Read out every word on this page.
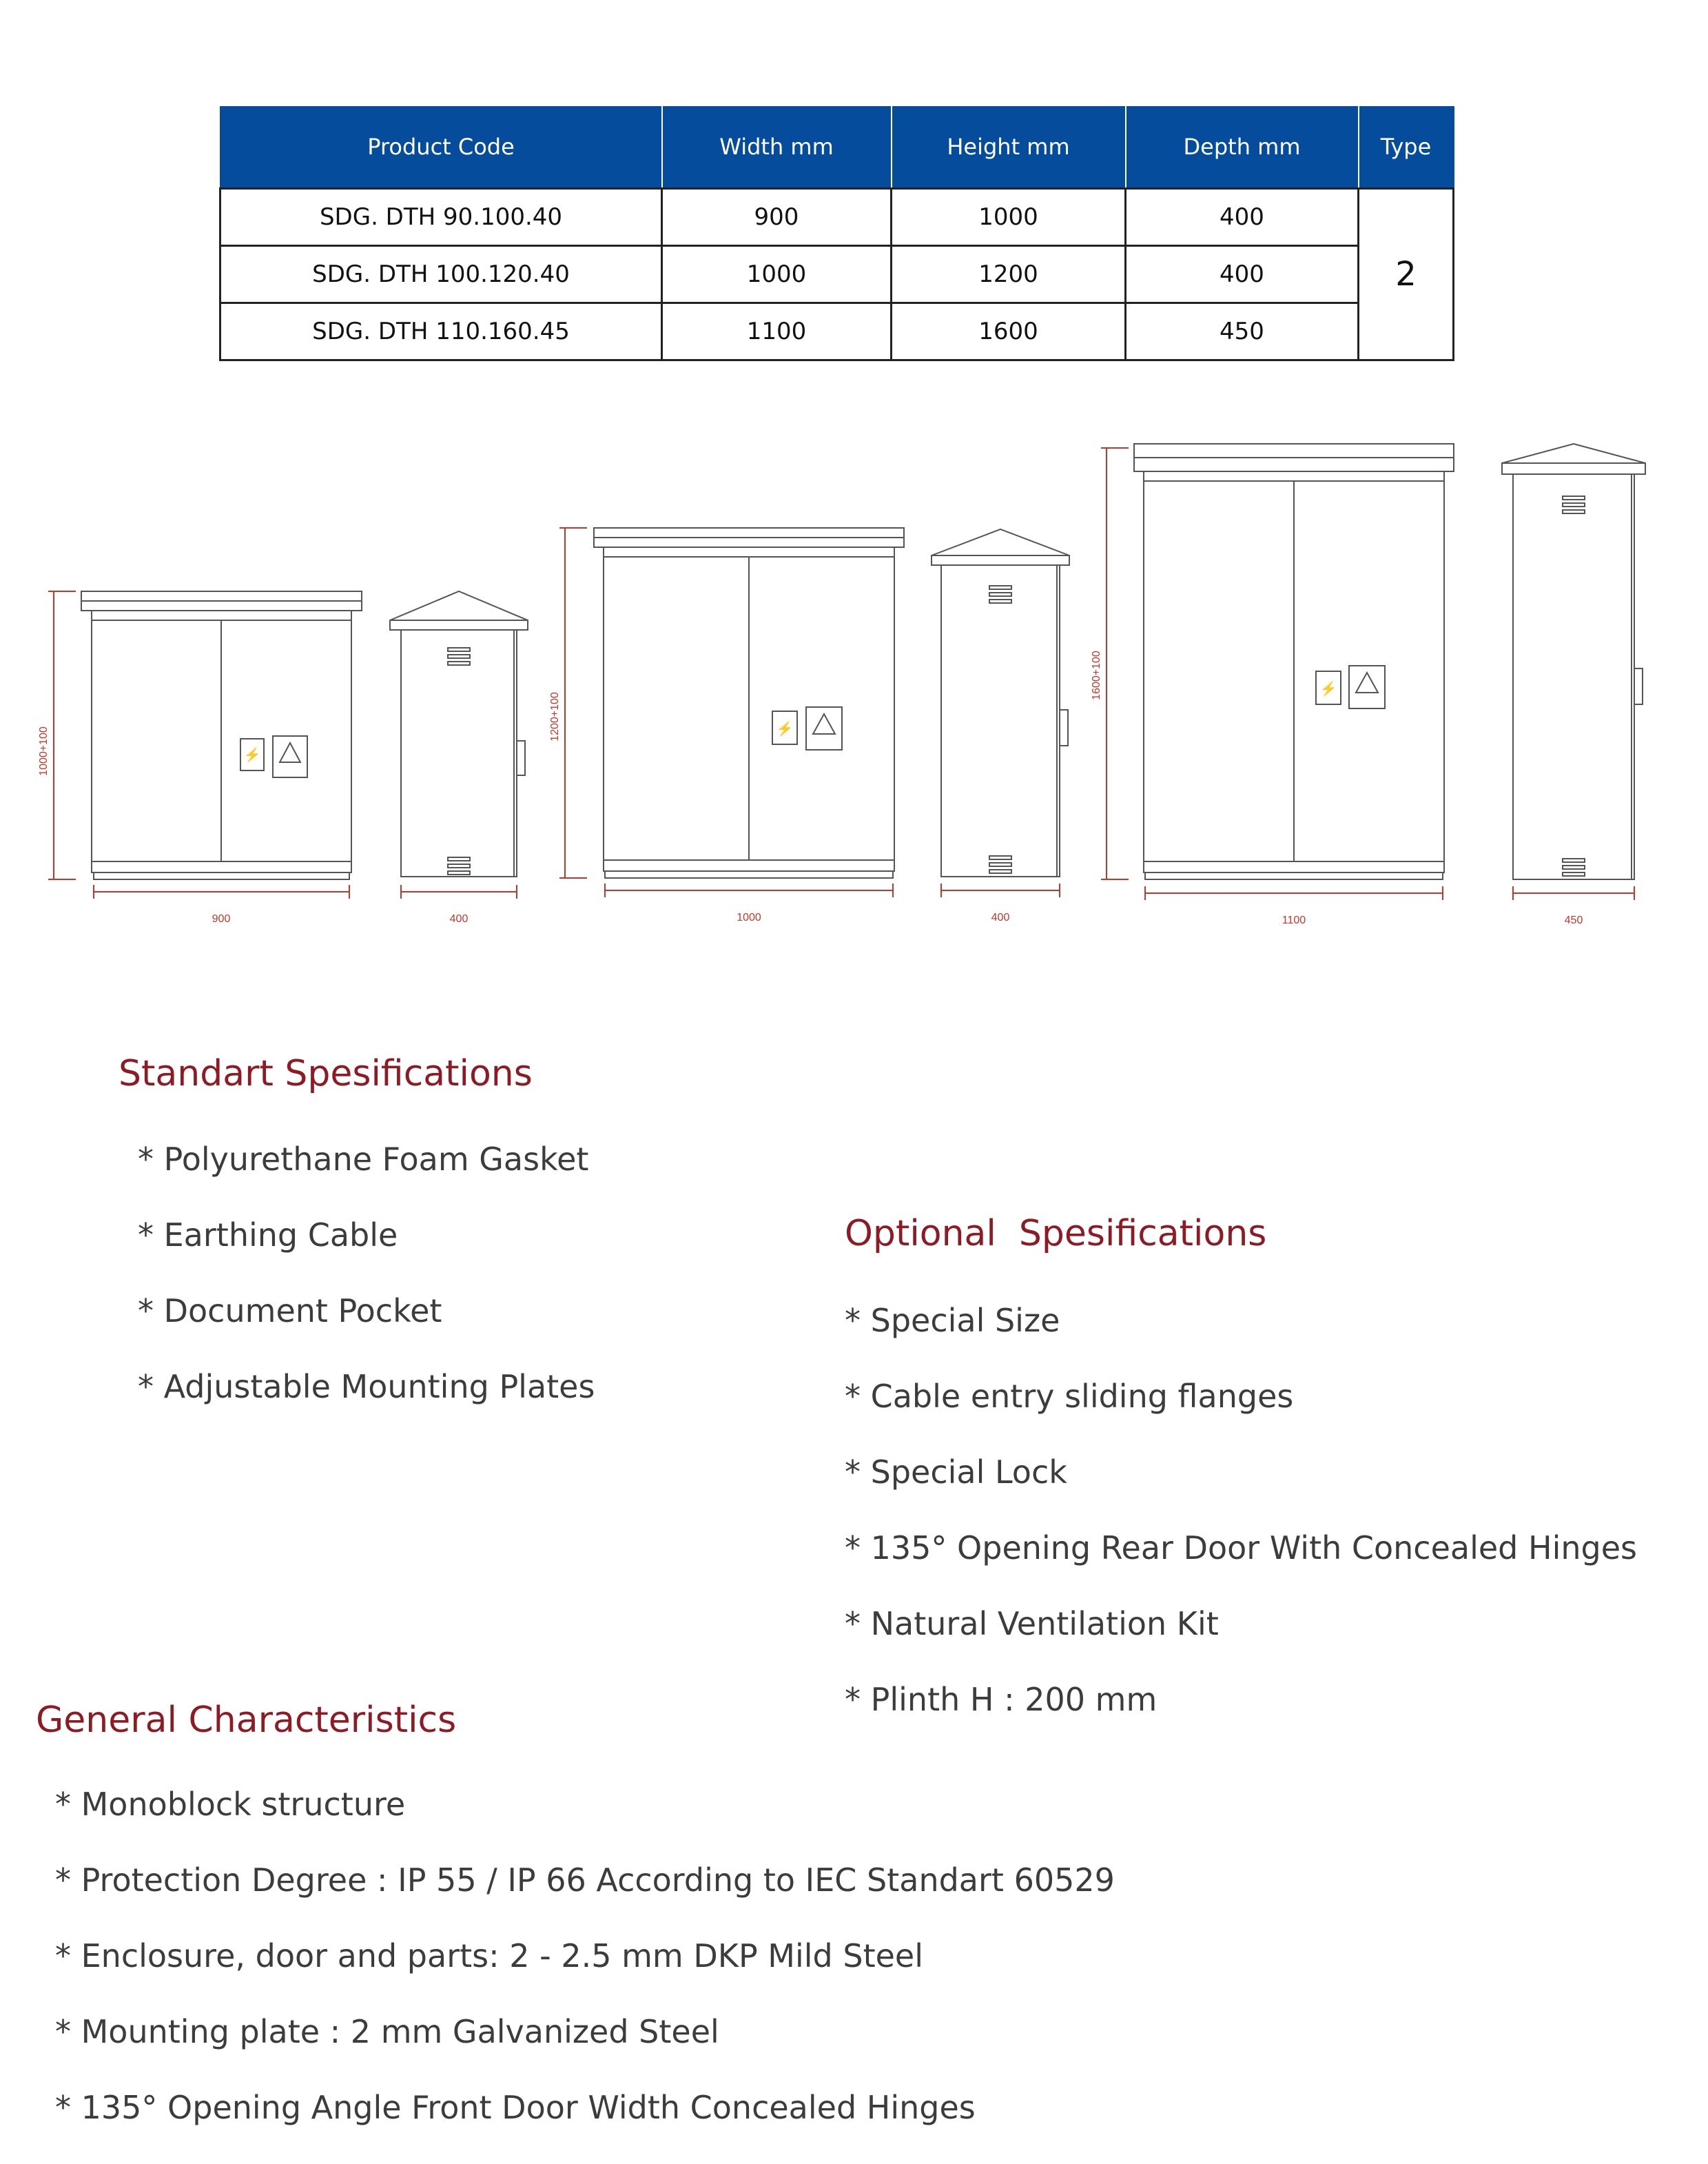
Product Code	Width mm	Height mm	Depth mm	Type
SDG. DTH 90.100.40	900	1000	400	2
SDG. DTH 100.120.40	1000	1200	400	
SDG. DTH 110.160.45	1100	1600	450	
⚡
1000+100
900	400
⚡
1200+100
1000	400
⚡
1600+100
1100	450
Standart Spesifications
* Polyurethane Foam Gasket
* Earthing Cable
* Document Pocket
* Adjustable Mounting Plates
Optional  Spesifications
* Special Size
* Cable entry sliding flanges
* Special Lock
* 135° Opening Rear Door With Concealed Hinges
* Natural Ventilation Kit
* Plinth H : 200 mm
General Characteristics
* Monoblock structure
* Protection Degree : IP 55 / IP 66 According to IEC Standart 60529
* Enclosure, door and parts: 2 - 2.5 mm DKP Mild Steel
* Mounting plate : 2 mm Galvanized Steel
* 135° Opening Angle Front Door Width Concealed Hinges
